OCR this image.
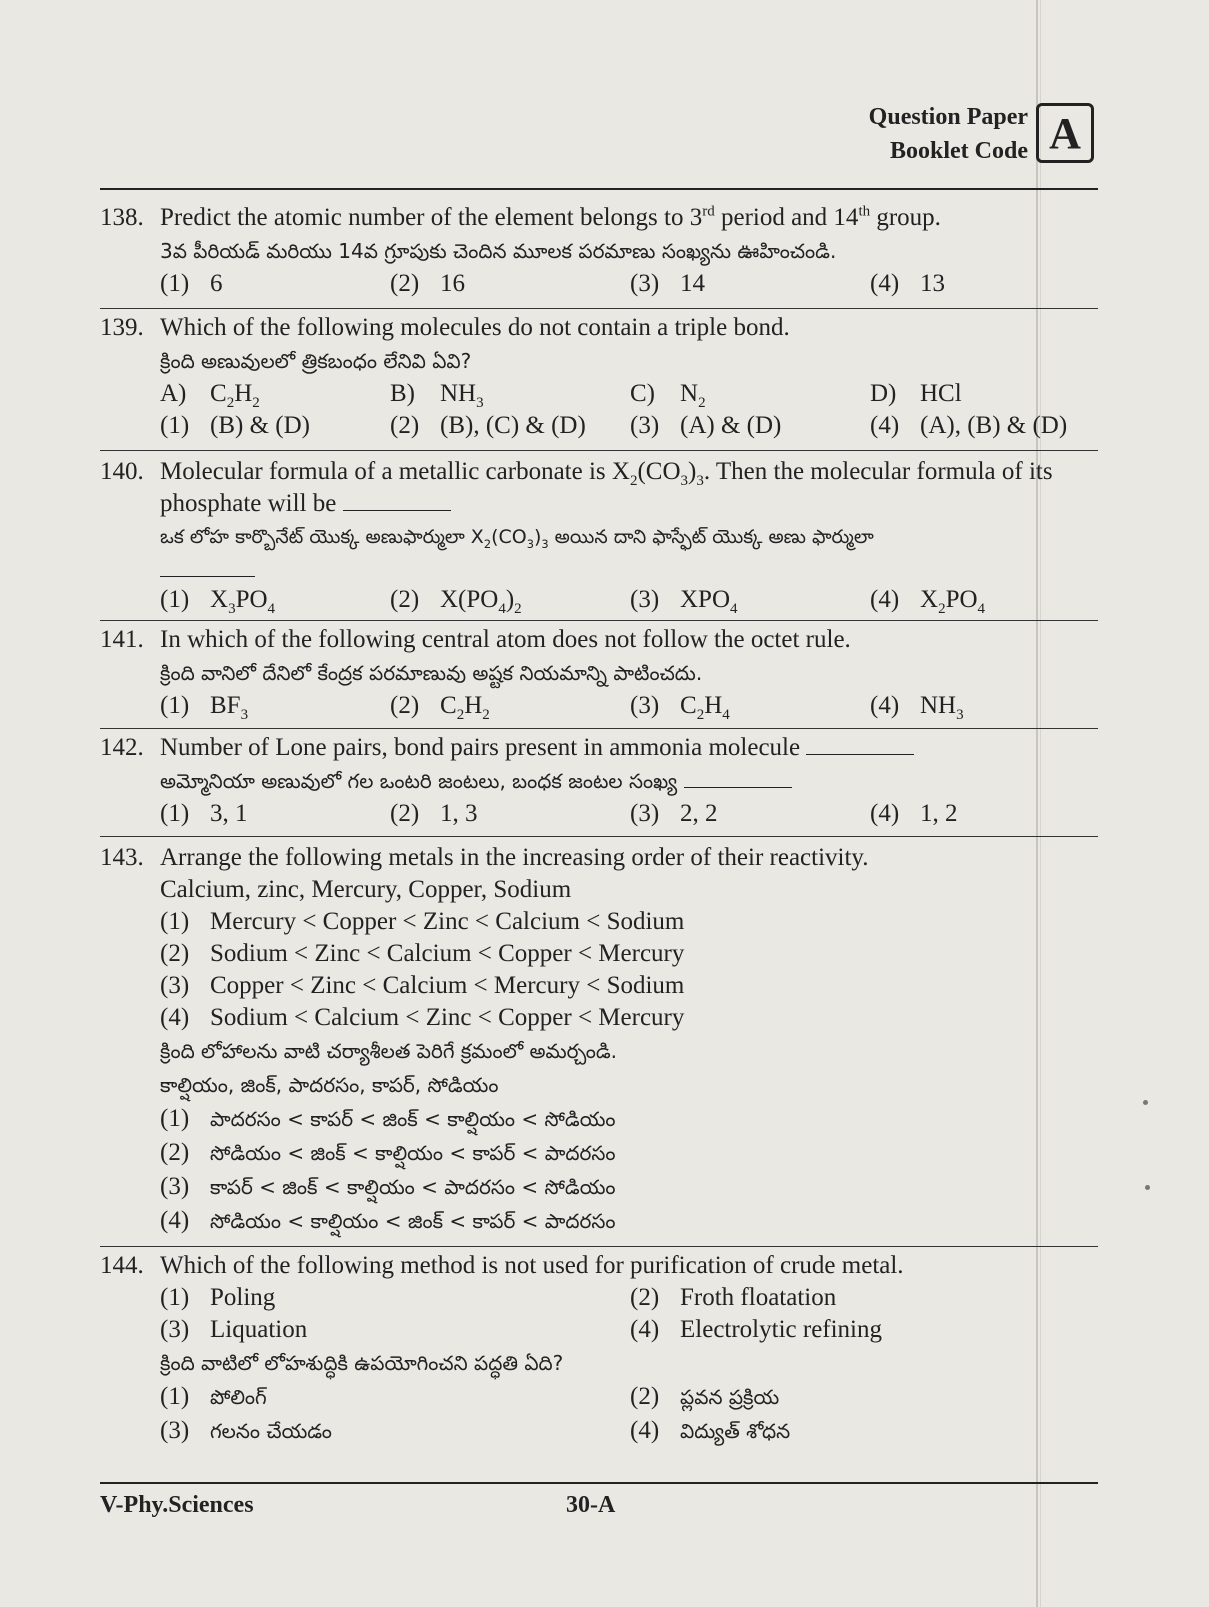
Question Paper
Booklet Code A
138. Predict the atomic number of the element belongs to 3rd period and 14th group.
3వ పీరియడ్ మరియు 14వ గ్రూపుకు చెందిన మూలక పరమాణు సంఖ్యను ఊహించండి.
(1) 6	(2) 16	(3) 14	(4) 13
139. Which of the following molecules do not contain a triple bond.
క్రింది అణువులలో త్రికబంధం లేనివి ఏవి?
A) $C_2H_2$	B) $NH_3$	C) $N_2$	D) HCl
(1) (B) & (D)	(2) (B), (C) & (D) (3) (A) & (D)	(4) (A), (B) & (D)
140. Molecular formula of a metallic carbonate is $X_2(CO_3)_3$. Then the molecular formula of its phosphate will be
ఒక లోహ కార్బొనేట్ యొక్క అణుఫార్ములా $X_2(CO_3)_3$ అయిన దాని ఫాస్ఫేట్ యొక్క అణు ఫార్ములా
(1) $X_3PO_4$	(2) $X(PO_4)_2$	(3) $XPO_4$	(4) $X_2PO_4$
141. In which of the following central atom does not follow the octet rule.
క్రింది వానిలో దేనిలో కేంద్రక పరమాణువు అష్టక నియమాన్ని పాటించదు.
(1) $BF_3$	(2) $C_2H_2$	(3) $C_2H_4$	(4) $NH_3$
142. Number of Lone pairs, bond pairs present in ammonia molecule
అమ్మోనియా అణువులో గల ఒంటరి జంటలు, బంధక జంటల సంఖ్య
(1) 3, 1	(2) 1, 3	(3) 2, 2	(4) 1, 2
143. Arrange the following metals in the increasing order of their reactivity.
Calcium, zinc, Mercury, Copper, Sodium
(1) Mercury < Copper < Zinc < Calcium < Sodium
(2) Sodium < Zinc < Calcium < Copper < Mercury
(3) Copper < Zinc < Calcium < Mercury < Sodium
(4) Sodium < Calcium < Zinc < Copper < Mercury
క్రింది లోహాలను వాటి చర్యాశీలత పెరిగే క్రమంలో అమర్చండి.
కాల్షియం, జింక్, పాదరసం, కాపర్, సోడియం
(1) పాదరసం < కాపర్ < జింక్ < కాల్షియం < సోడియం
(2) సోడియం < జింక్ < కాల్షియం < కాపర్ < పాదరసం
(3) కాపర్ < జింక్ < కాల్షియం < పాదరసం < సోడియం
(4) సోడియం < కాల్షియం < జింక్ < కాపర్ < పాదరసం
144. Which of the following method is not used for purification of crude metal.
(1) Poling	(2) Froth floatation
(3) Liquation	(4) Electrolytic refining
క్రింది వాటిలో లోహశుద్ధికి ఉపయోగించని పద్ధతి ఏది?
(1) పోలింగ్	(2) ప్లవన ప్రక్రియ
(3) గలనం చేయడం	(4) విద్యుత్ శోధన
V-Phy.Sciences	30-A
